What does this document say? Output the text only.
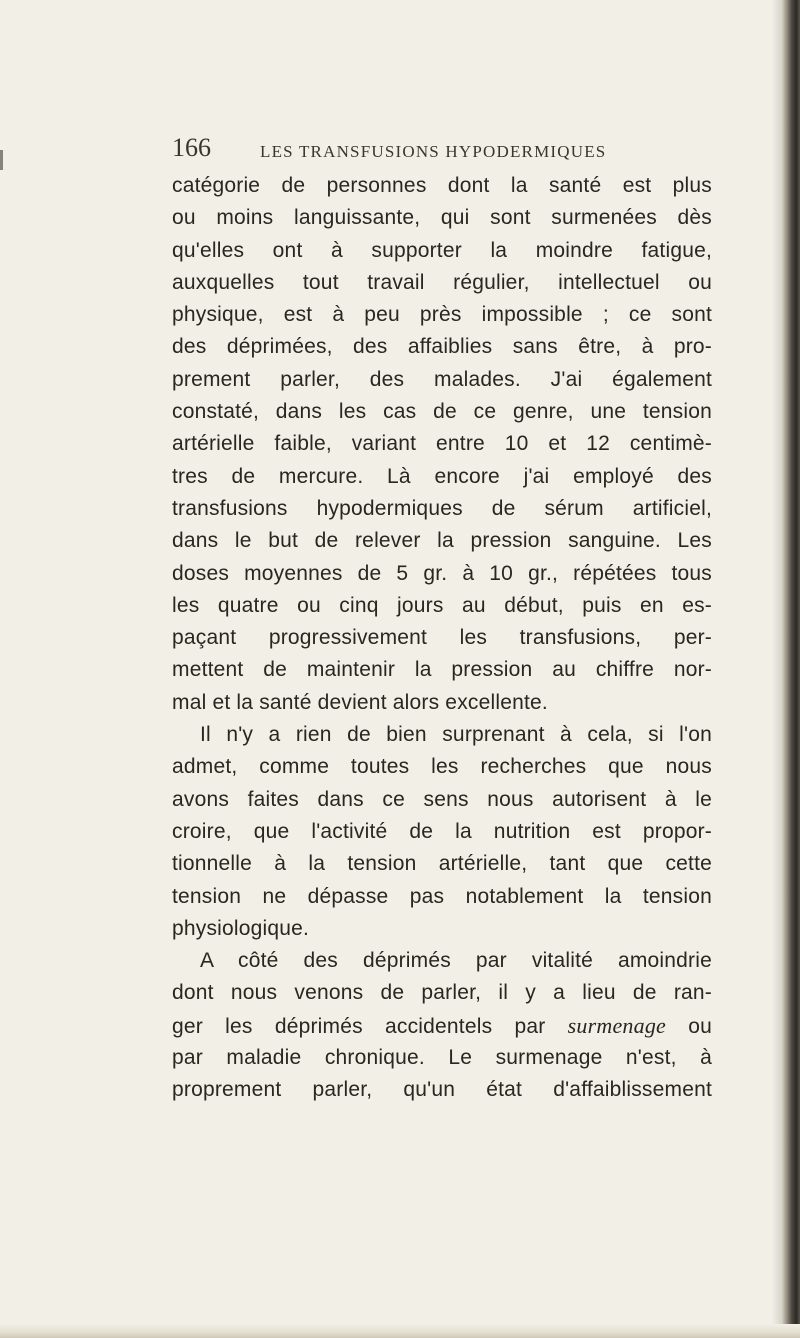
166	LES TRANSFUSIONS HYPODERMIQUES
catégorie de personnes dont la santé est plus
ou moins languissante, qui sont surmenées dès
qu'elles ont à supporter la moindre fatigue,
auxquelles tout travail régulier, intellectuel ou
physique, est à peu près impossible ; ce sont
des déprimées, des affaiblies sans être, à pro-
prement parler, des malades. J'ai également
constaté, dans les cas de ce genre, une tension
artérielle faible, variant entre 10 et 12 centimè-
tres de mercure. Là encore j'ai employé des
transfusions hypodermiques de sérum artificiel,
dans le but de relever la pression sanguine. Les
doses moyennes de 5 gr. à 10 gr., répétées tous
les quatre ou cinq jours au début, puis en es-
paçant progressivement les transfusions, per-
mettent de maintenir la pression au chiffre nor-
mal et la santé devient alors excellente.
Il n'y a rien de bien surprenant à cela, si l'on
admet, comme toutes les recherches que nous
avons faites dans ce sens nous autorisent à le
croire, que l'activité de la nutrition est propor-
tionnelle à la tension artérielle, tant que cette
tension ne dépasse pas notablement la tension
physiologique.
A côté des déprimés par vitalité amoindrie
dont nous venons de parler, il y a lieu de ran-
ger les déprimés accidentels par surmenage ou
par maladie chronique. Le surmenage n'est, à
proprement parler, qu'un état d'affaiblissement
